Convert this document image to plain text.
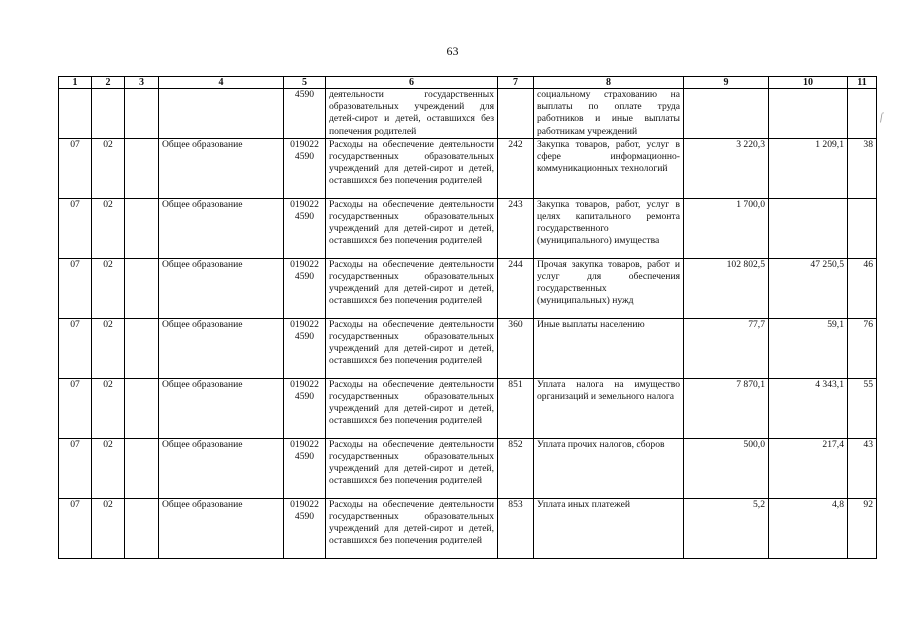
63
1	2	3	4	5	6	7	8	9	10	11
				4590	деятельности государственных образовательных учреждений для детей-сирот и детей, оставшихся без попечения родителей		социальному страхованию на выплаты по оплате труда работников и иные выплаты работникам учреждений			
07	02		Общее образование	019022 4590	Расходы на обеспечение деятельности государственных образовательных учреждений для детей-сирот и детей, оставшихся без попечения родителей	242	Закупка товаров, работ, услуг в сфере информационно-коммуникационных технологий	3 220,3	1 209,1	38
07	02		Общее образование	019022 4590	Расходы на обеспечение деятельности государственных образовательных учреждений для детей-сирот и детей, оставшихся без попечения родителей	243	Закупка товаров, работ, услуг в целях капитального ремонта государственного (муниципального) имущества	1 700,0		
07	02		Общее образование	019022 4590	Расходы на обеспечение деятельности государственных образовательных учреждений для детей-сирот и детей, оставшихся без попечения родителей	244	Прочая закупка товаров, работ и услуг для обеспечения государственных (муниципальных) нужд	102 802,5	47 250,5	46
07	02		Общее образование	019022 4590	Расходы на обеспечение деятельности государственных образовательных учреждений для детей-сирот и детей, оставшихся без попечения родителей	360	Иные выплаты населению	77,7	59,1	76
07	02		Общее образование	019022 4590	Расходы на обеспечение деятельности государственных образовательных учреждений для детей-сирот и детей, оставшихся без попечения родителей	851	Уплата налога на имущество организаций и земельного налога	7 870,1	4 343,1	55
07	02		Общее образование	019022 4590	Расходы на обеспечение деятельности государственных образовательных учреждений для детей-сирот и детей, оставшихся без попечения родителей	852	Уплата прочих налогов, сборов	500,0	217,4	43
07	02		Общее образование	019022 4590	Расходы на обеспечение деятельности государственных образовательных учреждений для детей-сирот и детей, оставшихся без попечения родителей	853	Уплата иных платежей	5,2	4,8	92
ſ
